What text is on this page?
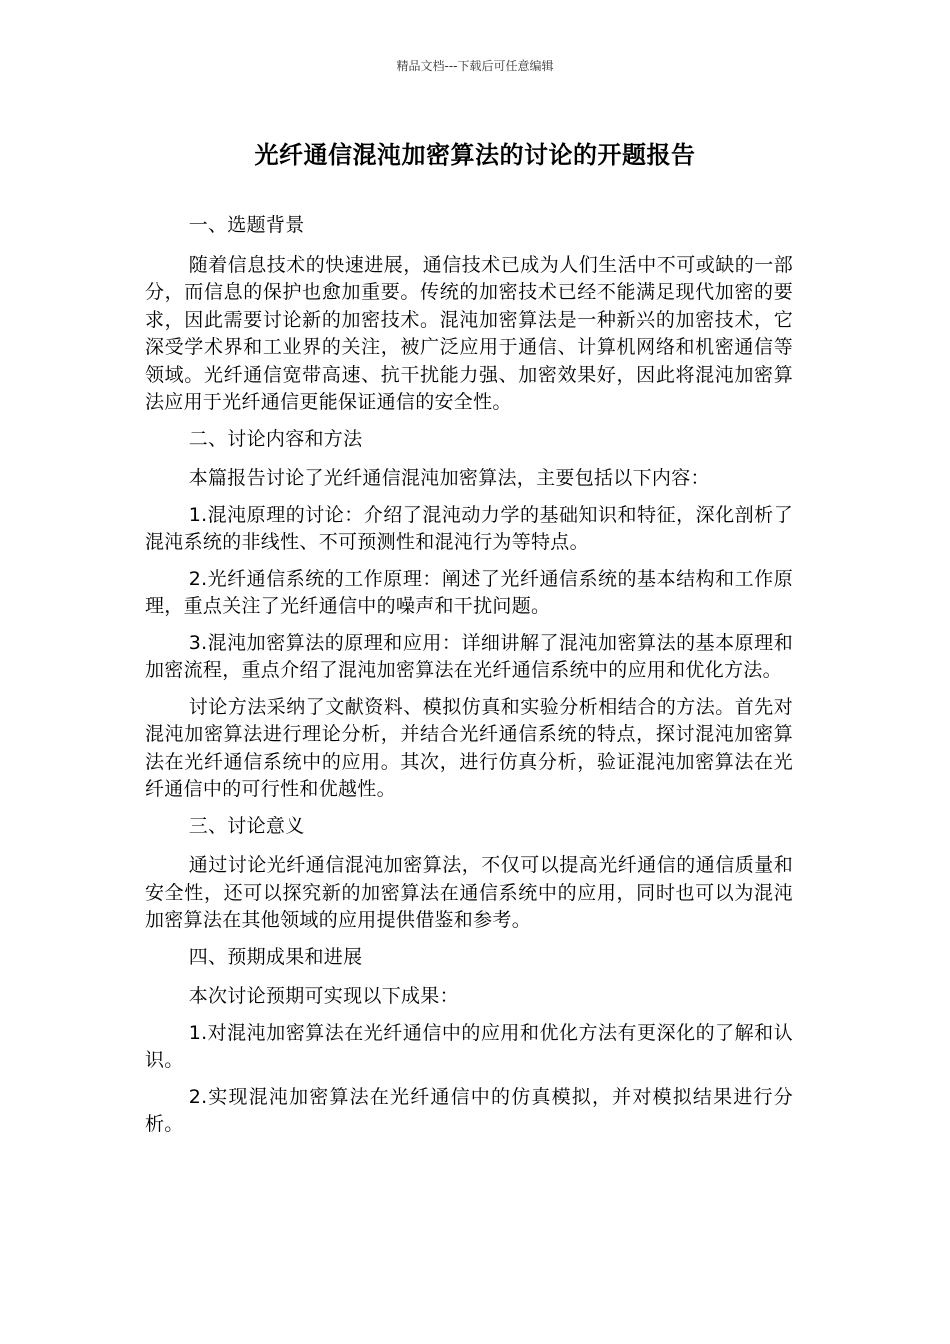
精品文档---下载后可任意编辑
光纤通信混沌加密算法的讨论的开题报告

一、选题背景

随着信息技术的快速进展，通信技术已成为人们生活中不可或缺的一部分，而信息的保护也愈加重要。传统的加密技术已经不能满足现代加密的要求，因此需要讨论新的加密技术。混沌加密算法是一种新兴的加密技术，它深受学术界和工业界的关注，被广泛应用于通信、计算机网络和机密通信等领域。光纤通信宽带高速、抗干扰能力强、加密效果好，因此将混沌加密算法应用于光纤通信更能保证通信的安全性。

二、讨论内容和方法

本篇报告讨论了光纤通信混沌加密算法，主要包括以下内容：

1.混沌原理的讨论：介绍了混沌动力学的基础知识和特征，深化剖析了混沌系统的非线性、不可预测性和混沌行为等特点。

2.光纤通信系统的工作原理：阐述了光纤通信系统的基本结构和工作原理，重点关注了光纤通信中的噪声和干扰问题。

3.混沌加密算法的原理和应用：详细讲解了混沌加密算法的基本原理和加密流程，重点介绍了混沌加密算法在光纤通信系统中的应用和优化方法。

讨论方法采纳了文献资料、模拟仿真和实验分析相结合的方法。首先对混沌加密算法进行理论分析，并结合光纤通信系统的特点，探讨混沌加密算法在光纤通信系统中的应用。其次，进行仿真分析，验证混沌加密算法在光纤通信中的可行性和优越性。

三、讨论意义

通过讨论光纤通信混沌加密算法，不仅可以提高光纤通信的通信质量和安全性，还可以探究新的加密算法在通信系统中的应用，同时也可以为混沌加密算法在其他领域的应用提供借鉴和参考。

四、预期成果和进展

本次讨论预期可实现以下成果：

1.对混沌加密算法在光纤通信中的应用和优化方法有更深化的了解和认识。

2.实现混沌加密算法在光纤通信中的仿真模拟，并对模拟结果进行分析。
